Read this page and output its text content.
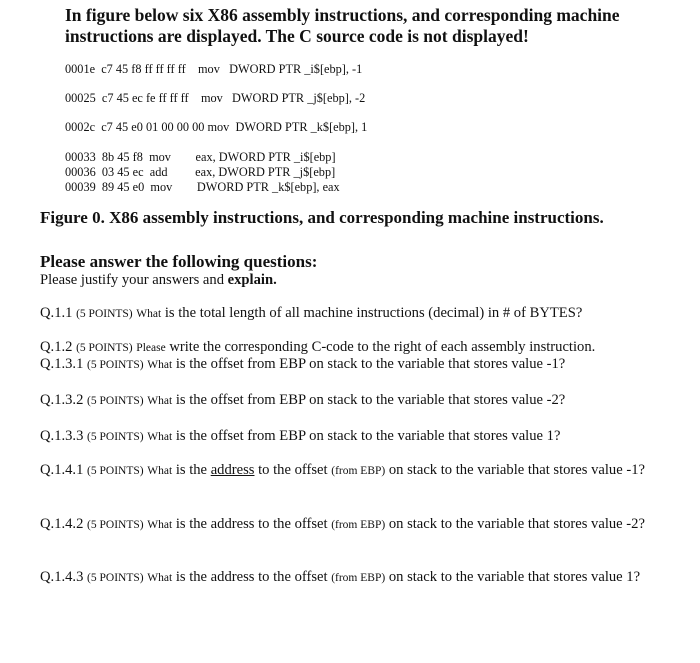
In figure below six X86 assembly instructions, and corresponding machine instructions are displayed. The C source code is not displayed!
0001e c7 45 f8 ff ff ff ff mov DWORD PTR _i$[ebp], -1
00025 c7 45 ec fe ff ff ff mov DWORD PTR _j$[ebp], -2
0002c c7 45 e0 01 00 00 00 mov DWORD PTR _k$[ebp], 1
00033 8b 45 f8 mov eax, DWORD PTR _i$[ebp]
00036 03 45 ec add eax, DWORD PTR _j$[ebp]
00039 89 45 e0 mov DWORD PTR _k$[ebp], eax
Figure 0. X86 assembly instructions, and corresponding machine instructions.
Please answer the following questions:
Please justify your answers and explain.
Q.1.1 (5 POINTS) What is the total length of all machine instructions (decimal) in # of BYTES?
Q.1.2 (5 POINTS) Please write the corresponding C-code to the right of each assembly instruction.
Q.1.3.1 (5 POINTS) What is the offset from EBP on stack to the variable that stores value -1?
Q.1.3.2 (5 POINTS) What is the offset from EBP on stack to the variable that stores value -2?
Q.1.3.3 (5 POINTS) What is the offset from EBP on stack to the variable that stores value 1?
Q.1.4.1 (5 POINTS) What is the address to the offset (from EBP) on stack to the variable that stores value -1?
Q.1.4.2 (5 POINTS) What is the address to the offset (from EBP) on stack to the variable that stores value -2?
Q.1.4.3 (5 POINTS) What is the address to the offset (from EBP) on stack to the variable that stores value 1?
